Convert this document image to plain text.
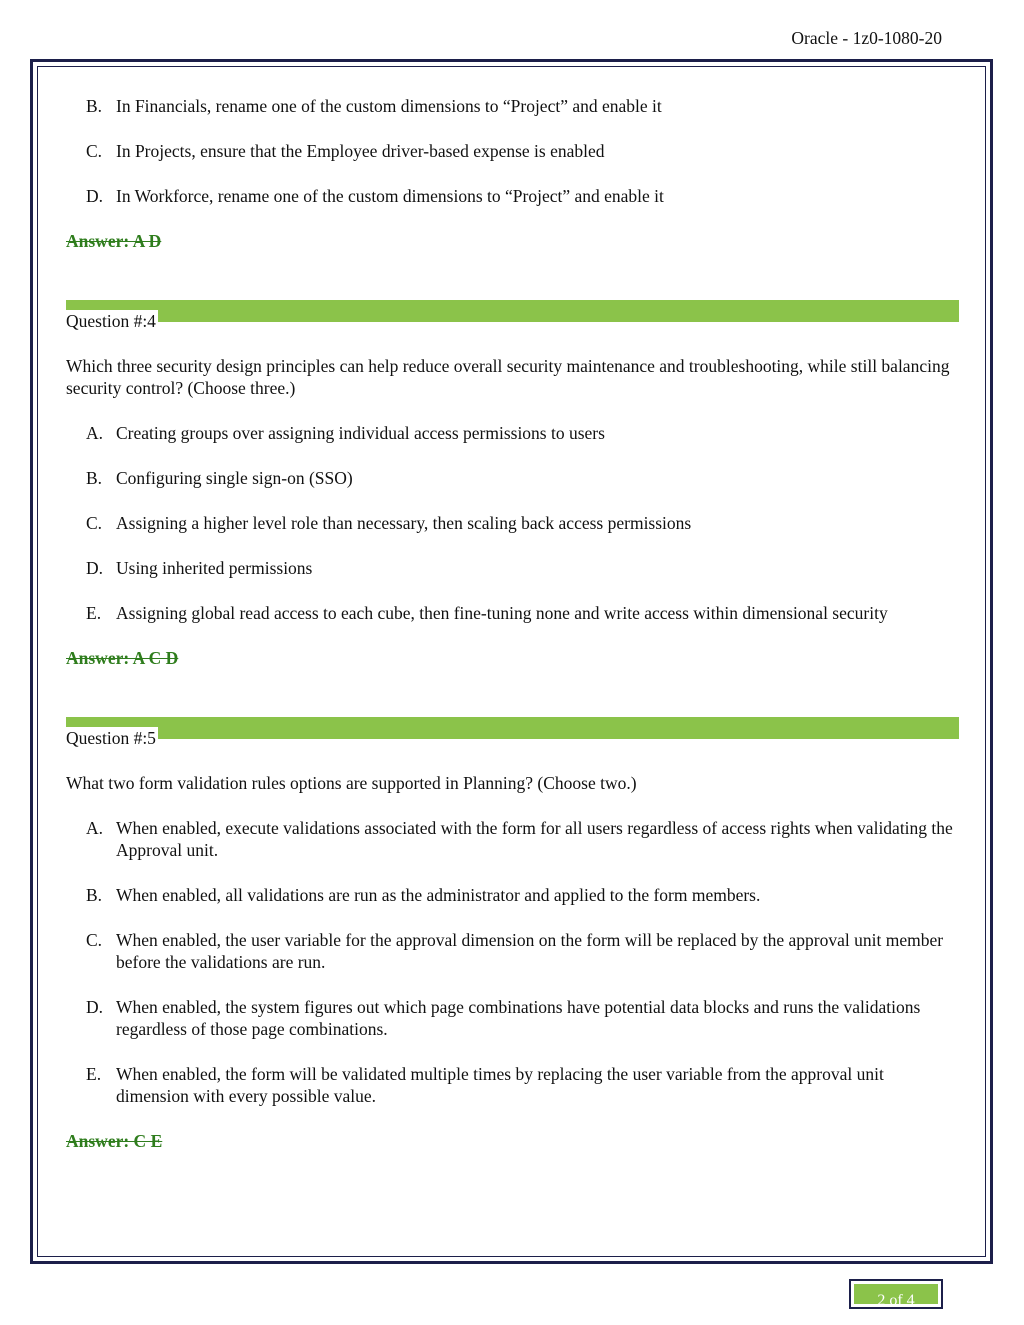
Oracle - 1z0-1080-20
B. In Financials, rename one of the custom dimensions to “Project” and enable it
C. In Projects, ensure that the Employee driver-based expense is enabled
D. In Workforce, rename one of the custom dimensions to “Project” and enable it
Answer: A D
Question #:4
Which three security design principles can help reduce overall security maintenance and troubleshooting, while still balancing security control? (Choose three.)
A. Creating groups over assigning individual access permissions to users
B. Configuring single sign-on (SSO)
C. Assigning a higher level role than necessary, then scaling back access permissions
D. Using inherited permissions
E. Assigning global read access to each cube, then fine-tuning none and write access within dimensional security
Answer: A C D
Question #:5
What two form validation rules options are supported in Planning? (Choose two.)
A. When enabled, execute validations associated with the form for all users regardless of access rights when validating the Approval unit.
B. When enabled, all validations are run as the administrator and applied to the form members.
C. When enabled, the user variable for the approval dimension on the form will be replaced by the approval unit member before the validations are run.
D. When enabled, the system figures out which page combinations have potential data blocks and runs the validations regardless of those page combinations.
E. When enabled, the form will be validated multiple times by replacing the user variable from the approval unit dimension with every possible value.
Answer: C E
2 of 4
